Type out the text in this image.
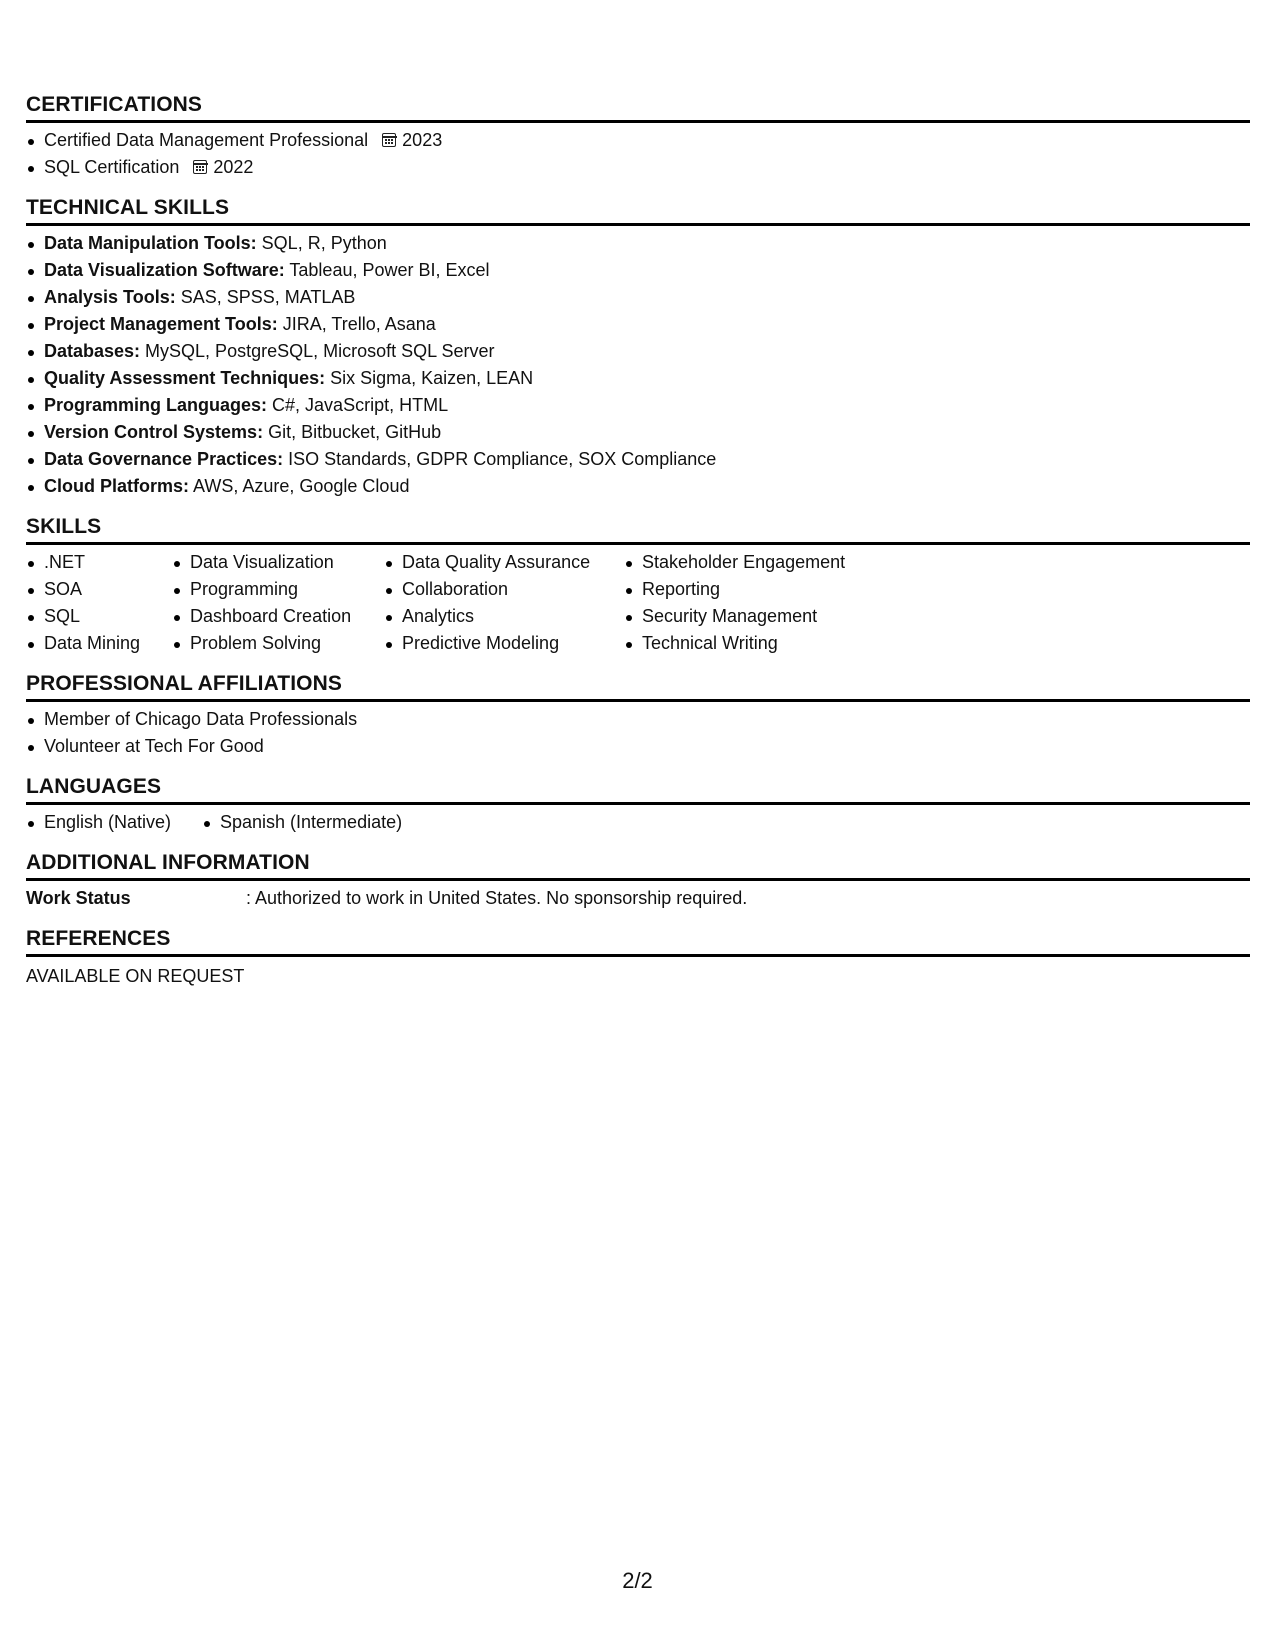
CERTIFICATIONS
Certified Data Management Professional 2023
SQL Certification 2022
TECHNICAL SKILLS
Data Manipulation Tools: SQL, R, Python
Data Visualization Software: Tableau, Power BI, Excel
Analysis Tools: SAS, SPSS, MATLAB
Project Management Tools: JIRA, Trello, Asana
Databases: MySQL, PostgreSQL, Microsoft SQL Server
Quality Assessment Techniques: Six Sigma, Kaizen, LEAN
Programming Languages: C#, JavaScript, HTML
Version Control Systems: Git, Bitbucket, GitHub
Data Governance Practices: ISO Standards, GDPR Compliance, SOX Compliance
Cloud Platforms: AWS, Azure, Google Cloud
SKILLS
.NET
SOA
SQL
Data Mining
Data Visualization
Programming
Dashboard Creation
Problem Solving
Data Quality Assurance
Collaboration
Analytics
Predictive Modeling
Stakeholder Engagement
Reporting
Security Management
Technical Writing
PROFESSIONAL AFFILIATIONS
Member of Chicago Data Professionals
Volunteer at Tech For Good
LANGUAGES
English (Native)	Spanish (Intermediate)
ADDITIONAL INFORMATION
Work Status	: Authorized to work in United States. No sponsorship required.
REFERENCES
AVAILABLE ON REQUEST
2/2
